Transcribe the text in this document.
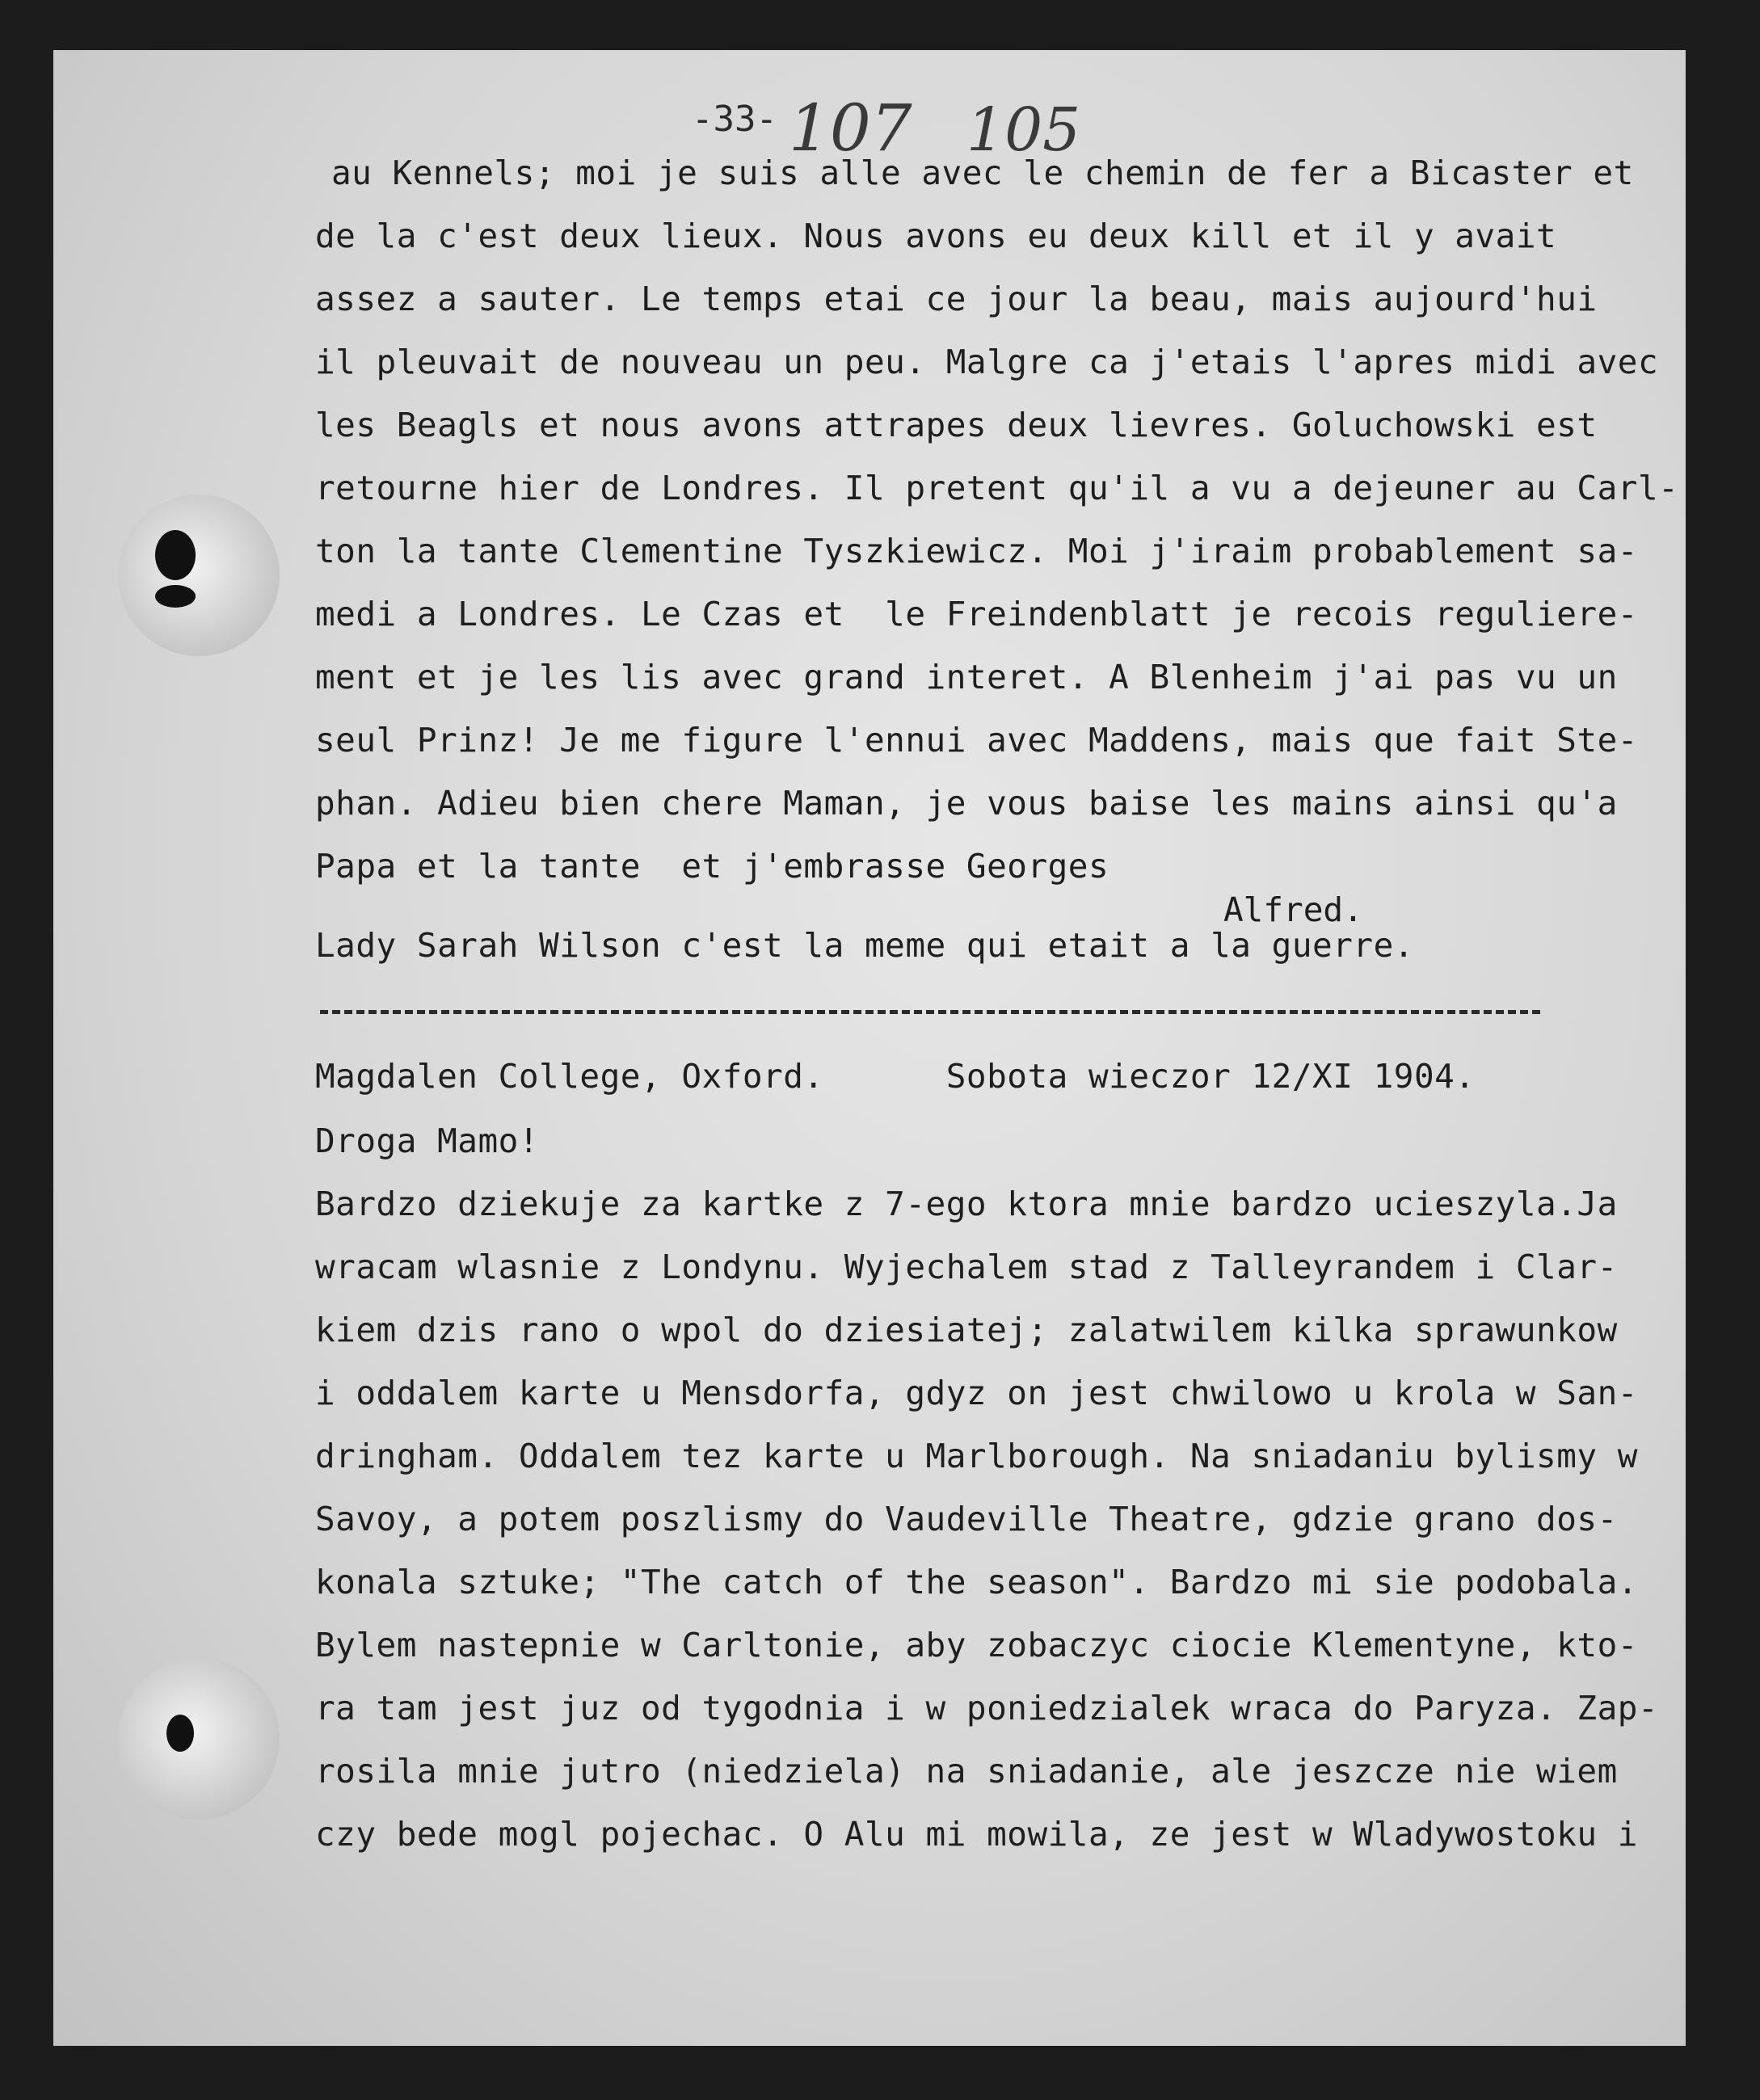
-33- 107 105
au Kennels; moi je suis alle avec le chemin de fer a Bicaster et
de la c'est deux lieux. Nous avons eu deux kill et il y avait
assez a sauter. Le temps etai ce jour la beau, mais aujourd'hui
il pleuvait de nouveau un peu. Malgre ca j'etais l'apres midi avec
les Beagls et nous avons attrapes deux lievres. Goluchowski est
retourne hier de Londres. Il pretent qu'il a vu a dejeuner au Carl-
ton la tante Clementine Tyszkiewicz. Moi j'iraim probablement sa-
medi a Londres. Le Czas et  le Freindenblatt je recois reguliere-
ment et je les lis avec grand interet. A Blenheim j'ai pas vu un
seul Prinz! Je me figure l'ennui avec Maddens, mais que fait Ste-
phan. Adieu bien chere Maman, je vous baise les mains ainsi qu'a
Papa et la tante  et j'embrasse Georges
Alfred.
Lady Sarah Wilson c'est la meme qui etait a la guerre.
Magdalen College, Oxford.      Sobota wieczor 12/XI 1904.
Droga Mamo!
Bardzo dziekuje za kartke z 7-ego ktora mnie bardzo ucieszyla.Ja
wracam wlasnie z Londynu. Wyjechalem stad z Talleyrandem i Clar-
kiem dzis rano o wpol do dziesiatej; zalatwilem kilka sprawunkow
i oddalem karte u Mensdorfa, gdyz on jest chwilowo u krola w San-
dringham. Oddalem tez karte u Marlborough. Na sniadaniu bylismy w
Savoy, a potem poszlismy do Vaudeville Theatre, gdzie grano dos-
konala sztuke; "The catch of the season". Bardzo mi sie podobala.
Bylem nastepnie w Carltonie, aby zobaczyc ciocie Klementyne, kto-
ra tam jest juz od tygodnia i w poniedzialek wraca do Paryza. Zap-
rosila mnie jutro (niedziela) na sniadanie, ale jeszcze nie wiem
czy bede mogl pojechac. O Alu mi mowila, ze jest w Wladywostoku i
